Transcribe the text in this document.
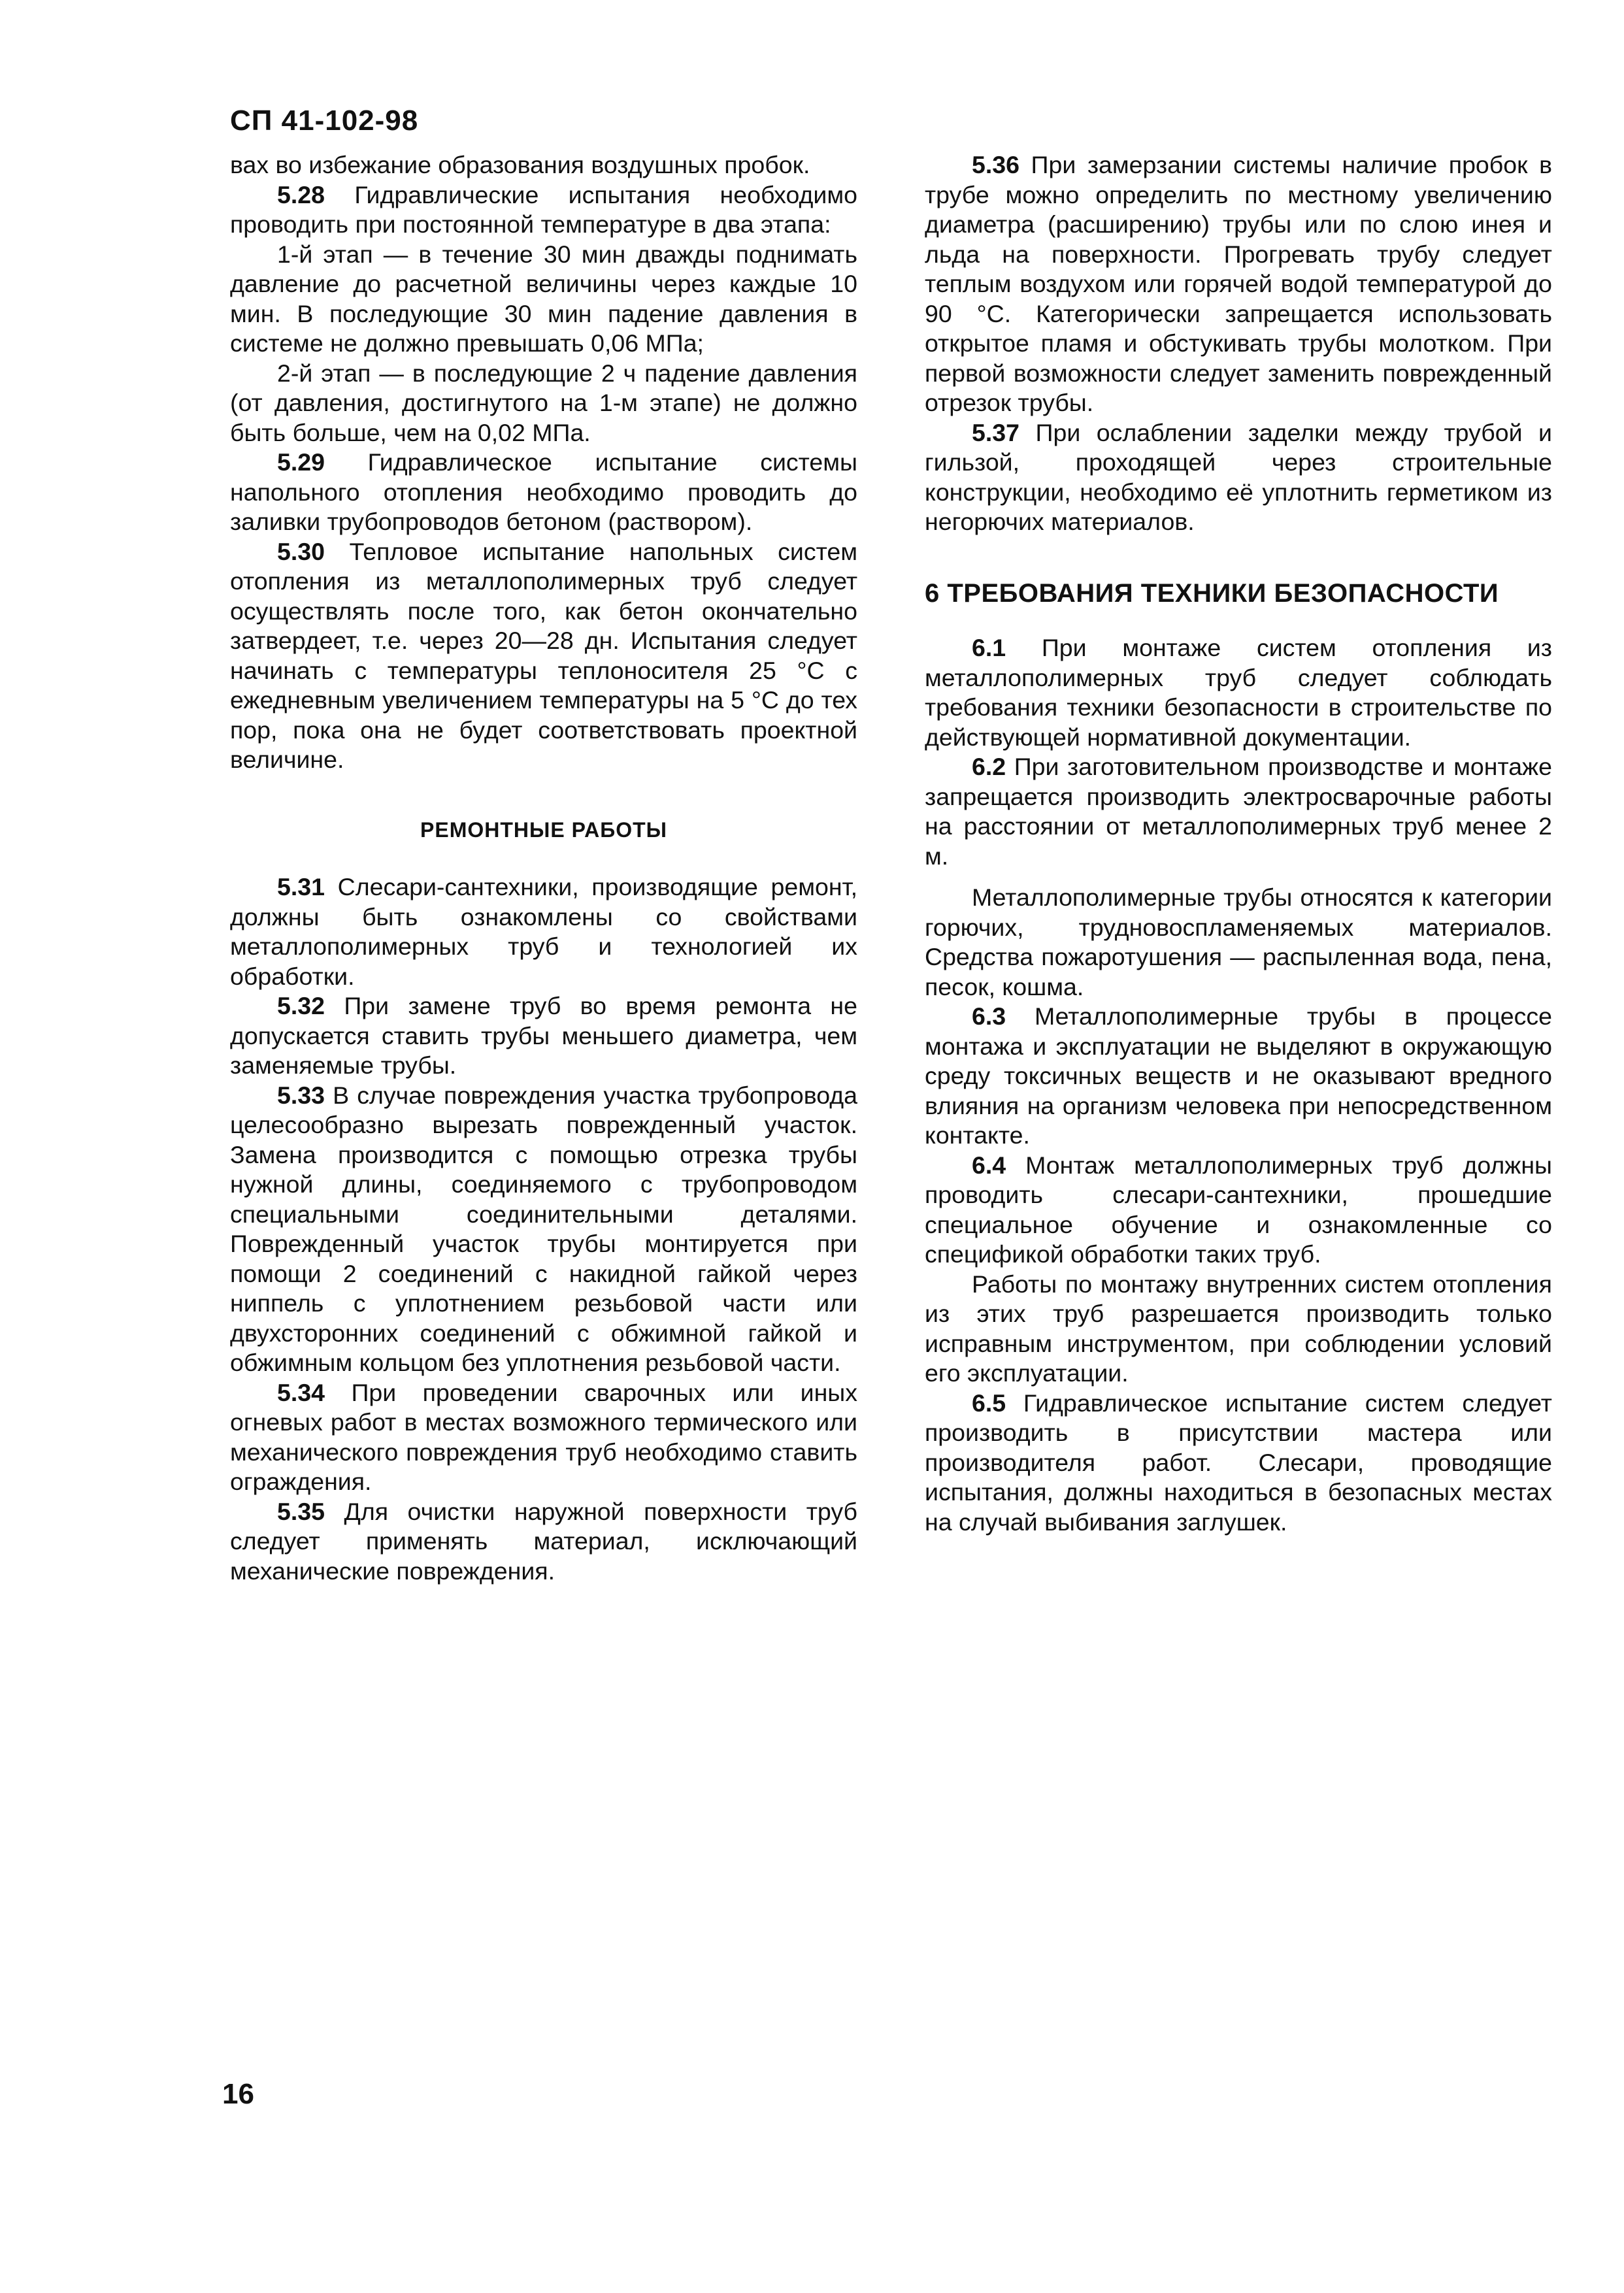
СП 41-102-98

вах во избежание образования воздушных пробок.

5.28 Гидравлические испытания необходимо проводить при постоянной температуре в два этапа:

1-й этап — в течение 30 мин дважды поднимать давление до расчетной величины через каждые 10 мин. В последующие 30 мин падение давления в системе не должно превышать 0,06 МПа;

2-й этап — в последующие 2 ч падение давления (от давления, достигнутого на 1-м этапе) не должно быть больше, чем на 0,02 МПа.

5.29 Гидравлическое испытание системы напольного отопления необходимо проводить до заливки трубопроводов бетоном (раствором).

5.30 Тепловое испытание напольных систем отопления из металлополимерных труб следует осуществлять после того, как бетон окончательно затвердеет, т.е. через 20—28 дн. Испытания следует начинать с температуры теплоносителя 25 °С с ежедневным увеличением температуры на 5 °С до тех пор, пока она не будет соответствовать проектной величине.

РЕМОНТНЫЕ РАБОТЫ

5.31 Слесари-сантехники, производящие ремонт, должны быть ознакомлены со свойствами металлополимерных труб и технологией их обработки.

5.32 При замене труб во время ремонта не допускается ставить трубы меньшего диаметра, чем заменяемые трубы.

5.33 В случае повреждения участка трубопровода целесообразно вырезать поврежденный участок. Замена производится с помощью отрезка трубы нужной длины, соединяемого с трубопроводом специальными соединительными деталями. Поврежденный участок трубы монтируется при помощи 2 соединений с накидной гайкой через ниппель с уплотнением резьбовой части или двухсторонних соединений с обжимной гайкой и обжимным кольцом без уплотнения резьбовой части.

5.34 При проведении сварочных или иных огневых работ в местах возможного термического или механического повреждения труб необходимо ставить ограждения.

5.35 Для очистки наружной поверхности труб следует применять материал, исключающий механические повреждения.

5.36 При замерзании системы наличие пробок в трубе можно определить по местному увеличению диаметра (расширению) трубы или по слою инея и льда на поверхности. Прогревать трубу следует теплым воздухом или горячей водой температурой до 90 °С. Категорически запрещается использовать открытое пламя и обстукивать трубы молотком. При первой возможности следует заменить поврежденный отрезок трубы.

5.37 При ослаблении заделки между трубой и гильзой, проходящей через строительные конструкции, необходимо её уплотнить герметиком из негорючих материалов.

6 ТРЕБОВАНИЯ ТЕХНИКИ БЕЗОПАСНОСТИ

6.1 При монтаже систем отопления из металлополимерных труб следует соблюдать требования техники безопасности в строительстве по действующей нормативной документации.

6.2 При заготовительном производстве и монтаже запрещается производить электросварочные работы на расстоянии от металлополимерных труб менее 2 м.

Металлополимерные трубы относятся к категории горючих, трудновоспламеняемых материалов. Средства пожаротушения — распыленная вода, пена, песок, кошма.

6.3 Металлополимерные трубы в процессе монтажа и эксплуатации не выделяют в окружающую среду токсичных веществ и не оказывают вредного влияния на организм человека при непосредственном контакте.

6.4 Монтаж металлополимерных труб должны проводить слесари-сантехники, прошедшие специальное обучение и ознакомленные со спецификой обработки таких труб.

Работы по монтажу внутренних систем отопления из этих труб разрешается производить только исправным инструментом, при соблюдении условий его эксплуатации.

6.5 Гидравлическое испытание систем следует производить в присутствии мастера или производителя работ. Слесари, проводящие испытания, должны находиться в безопасных местах на случай выбивания заглушек.

16
